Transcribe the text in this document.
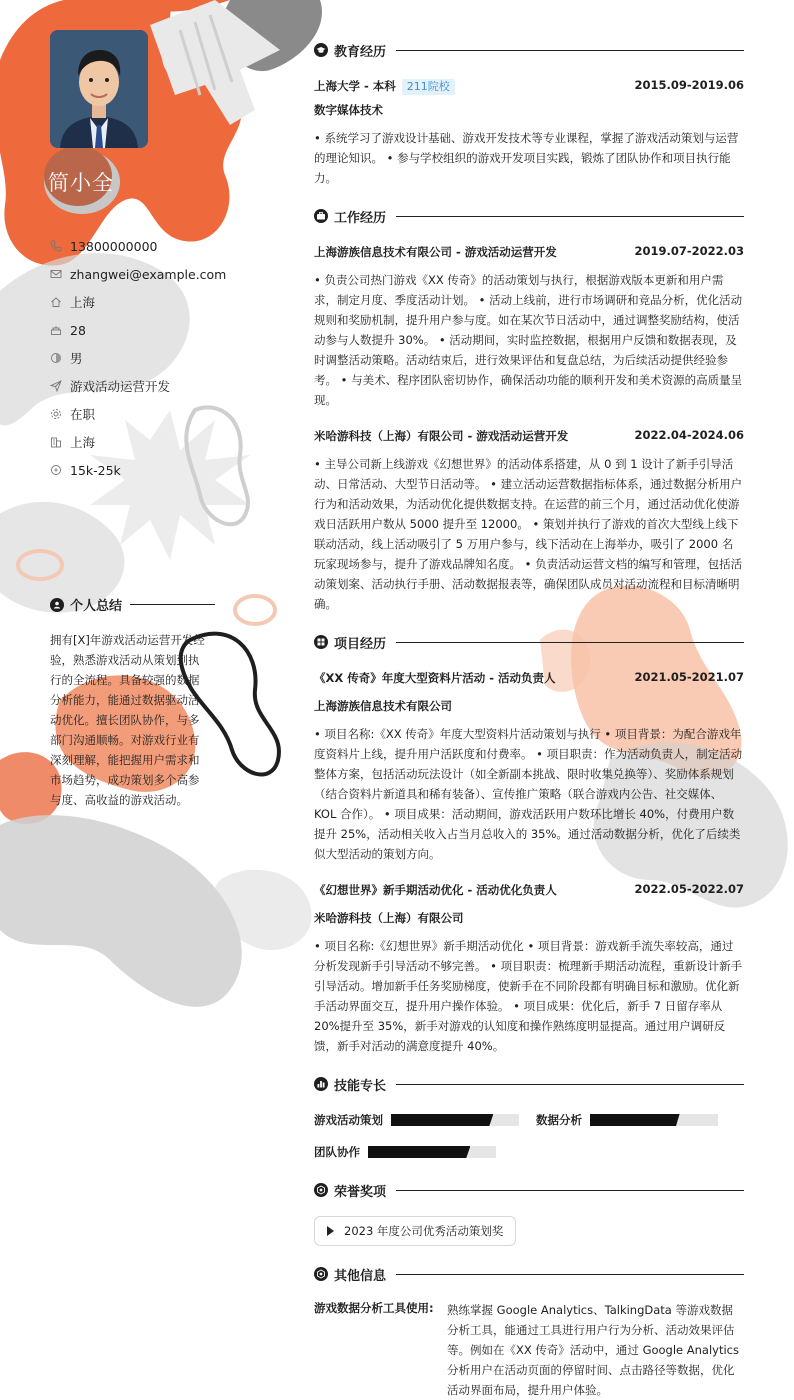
简小全
13800000000
zhangwei@example.com
上海
28
男
游戏活动运营开发
在职
上海
15k-25k
个人总结
拥有[X]年游戏活动运营开发经验，熟悉游戏活动从策划到执行的全流程。具备较强的数据分析能力，能通过数据驱动活动优化。擅长团队协作，与多部门沟通顺畅。对游戏行业有深刻理解，能把握用户需求和市场趋势，成功策划多个高参与度、高收益的游戏活动。
教育经历
上海大学 - 本科 211院校	2015.09-2019.06
数字媒体技术
• 系统学习了游戏设计基础、游戏开发技术等专业课程，掌握了游戏活动策划与运营的理论知识。 • 参与学校组织的游戏开发项目实践，锻炼了团队协作和项目执行能力。
工作经历
上海游族信息技术有限公司 - 游戏活动运营开发	2019.07-2022.03
• 负责公司热门游戏《XX 传奇》的活动策划与执行，根据游戏版本更新和用户需求，制定月度、季度活动计划。 • 活动上线前，进行市场调研和竞品分析，优化活动规则和奖励机制，提升用户参与度。如在某次节日活动中，通过调整奖励结构，使活动参与人数提升 30%。 • 活动期间，实时监控数据，根据用户反馈和数据表现，及时调整活动策略。活动结束后，进行效果评估和复盘总结，为后续活动提供经验参考。 • 与美术、程序团队密切协作，确保活动功能的顺利开发和美术资源的高质量呈现。
米哈游科技（上海）有限公司 - 游戏活动运营开发	2022.04-2024.06
• 主导公司新上线游戏《幻想世界》的活动体系搭建，从 0 到 1 设计了新手引导活动、日常活动、大型节日活动等。 • 建立活动运营数据指标体系，通过数据分析用户行为和活动效果，为活动优化提供数据支持。在运营的前三个月，通过活动优化使游戏日活跃用户数从 5000 提升至 12000。 • 策划并执行了游戏的首次大型线上线下联动活动，线上活动吸引了 5 万用户参与，线下活动在上海举办，吸引了 2000 名玩家现场参与，提升了游戏品牌知名度。 • 负责活动运营文档的编写和管理，包括活动策划案、活动执行手册、活动数据报表等，确保团队成员对活动流程和目标清晰明确。
项目经历
《XX 传奇》年度大型资料片活动 - 活动负责人	2021.05-2021.07
上海游族信息技术有限公司
• 项目名称:《XX 传奇》年度大型资料片活动策划与执行 • 项目背景：为配合游戏年度资料片上线，提升用户活跃度和付费率。 • 项目职责：作为活动负责人，制定活动整体方案，包括活动玩法设计（如全新副本挑战、限时收集兑换等）、奖励体系规划（结合资料片新道具和稀有装备）、宣传推广策略（联合游戏内公告、社交媒体、KOL 合作）。 • 项目成果：活动期间，游戏活跃用户数环比增长 40%，付费用户数提升 25%，活动相关收入占当月总收入的 35%。通过活动数据分析，优化了后续类似大型活动的策划方向。
《幻想世界》新手期活动优化 - 活动优化负责人	2022.05-2022.07
米哈游科技（上海）有限公司
• 项目名称:《幻想世界》新手期活动优化 • 项目背景：游戏新手流失率较高，通过分析发现新手引导活动不够完善。 • 项目职责：梳理新手期活动流程，重新设计新手引导活动。增加新手任务奖励梯度，使新手在不同阶段都有明确目标和激励。优化新手活动界面交互，提升用户操作体验。 • 项目成果：优化后，新手 7 日留存率从 20%提升至 35%，新手对游戏的认知度和操作熟练度明显提高。通过用户调研反馈，新手对活动的满意度提升 40%。
技能专长
游戏活动策划	数据分析
团队协作
荣誉奖项
2023 年度公司优秀活动策划奖
其他信息
游戏数据分析工具使用: 熟练掌握 Google Analytics、TalkingData 等游戏数据分析工具，能通过工具进行用户行为分析、活动效果评估等。例如在《XX 传奇》活动中，通过 Google Analytics 分析用户在活动页面的停留时间、点击路径等数据，优化活动界面布局，提升用户体验。
